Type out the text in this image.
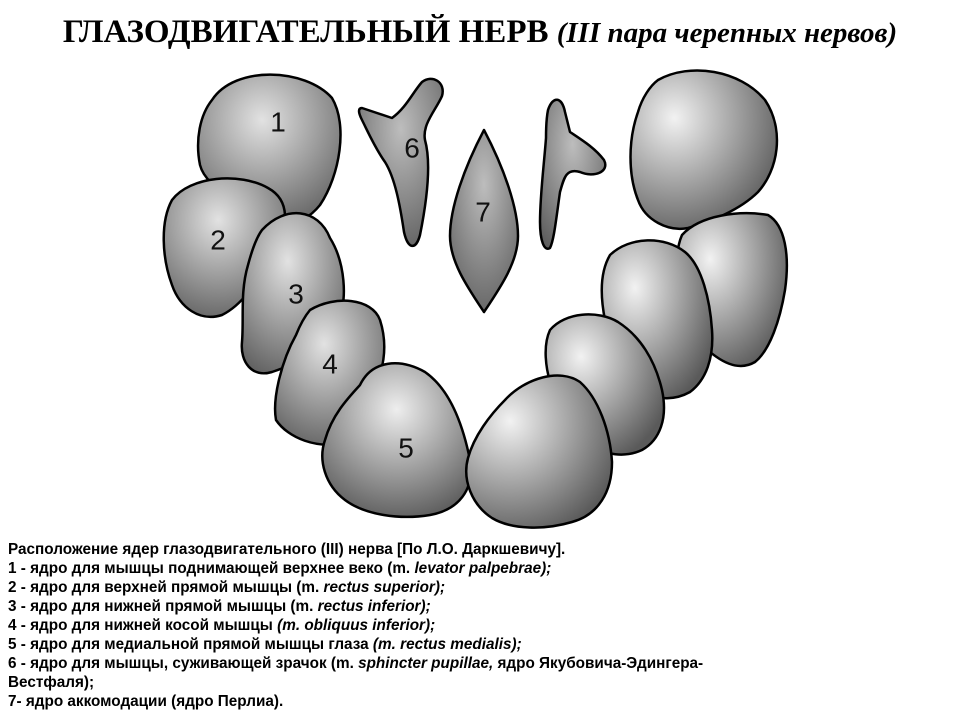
ГЛАЗОДВИГАТЕЛЬНЫЙ НЕРВ (III пара черепных нервов)
1
2
3
4
5
6
7
Расположение ядер глазодвигательного (III) нерва [По Л.О. Даркшевичу].
1 - ядро для мышцы поднимающей верхнее веко (m. levator palpebrae);
2 - ядро для верхней прямой мышцы (m. rectus superior);
3 - ядро для нижней прямой мышцы (m. rectus inferior);
4 - ядро для нижней косой мышцы (m. obliquus inferior);
5 - ядро для медиальной прямой мышцы глаза (m. rectus medialis);
6 - ядро для мышцы, суживающей зрачок (m. sphincter pupillae, ядро Якубовича-Эдингера-
Вестфаля);
7- ядро аккомодации (ядро Перлиа).
